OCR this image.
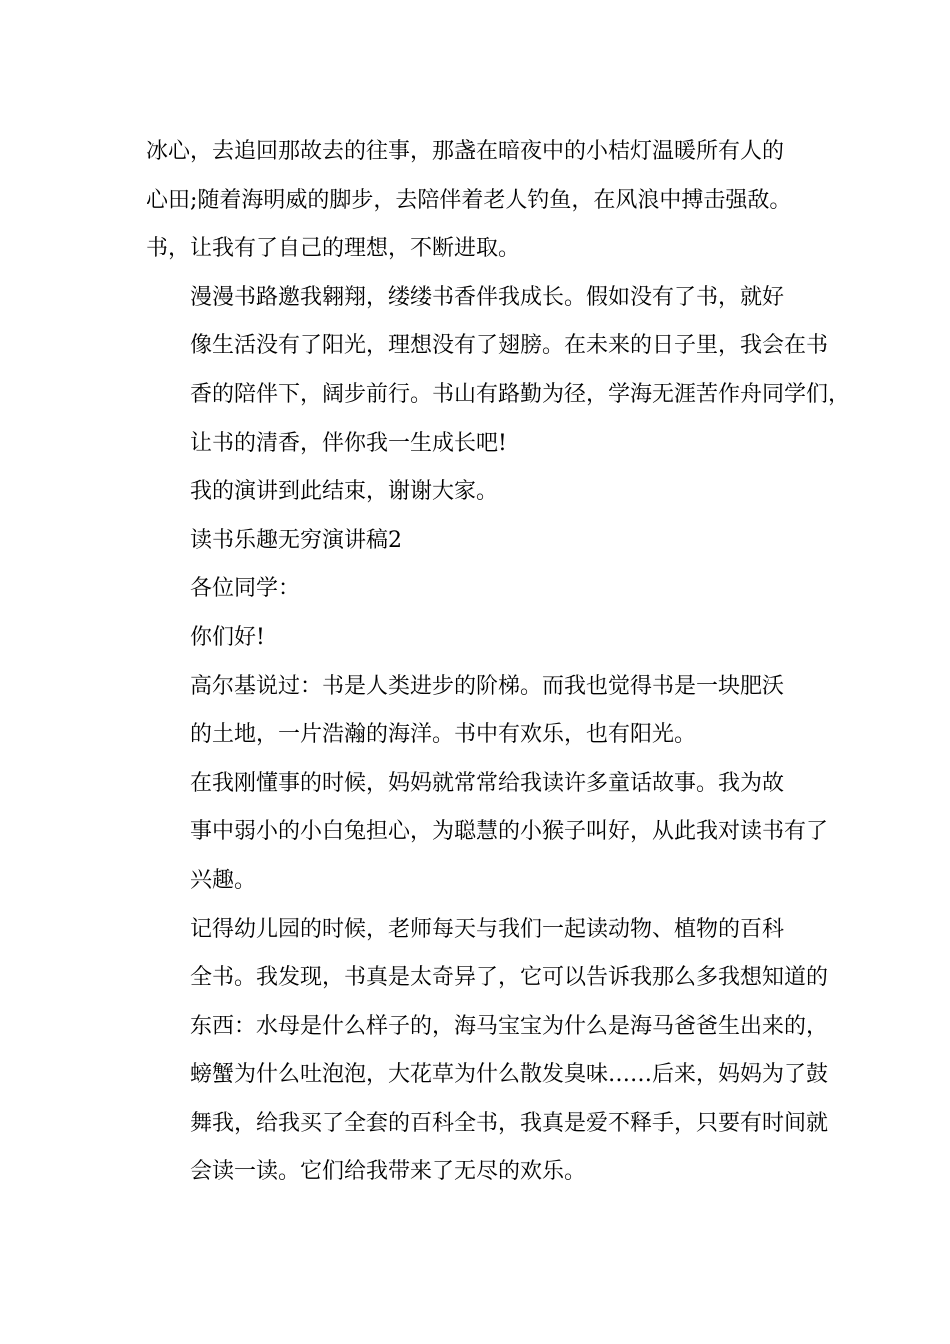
冰心，去追回那故去的往事，那盏在暗夜中的小桔灯温暖所有人的
心田;随着海明威的脚步，去陪伴着老人钓鱼，在风浪中搏击强敌。
书，让我有了自己的理想，不断进取。

漫漫书路邀我翱翔，缕缕书香伴我成长。假如没有了书，就好
像生活没有了阳光，理想没有了翅膀。在未来的日子里，我会在书
香的陪伴下，阔步前行。书山有路勤为径，学海无涯苦作舟同学们，
让书的清香，伴你我一生成长吧!

我的演讲到此结束，谢谢大家。

读书乐趣无穷演讲稿2

各位同学：

你们好!

高尔基说过：书是人类进步的阶梯。而我也觉得书是一块肥沃
的土地，一片浩瀚的海洋。书中有欢乐，也有阳光。

在我刚懂事的时候，妈妈就常常给我读许多童话故事。我为故
事中弱小的小白兔担心，为聪慧的小猴子叫好，从此我对读书有了
兴趣。

记得幼儿园的时候，老师每天与我们一起读动物、植物的百科
全书。我发现，书真是太奇异了，它可以告诉我那么多我想知道的
东西：水母是什么样子的，海马宝宝为什么是海马爸爸生出来的，
螃蟹为什么吐泡泡，大花草为什么散发臭味……后来，妈妈为了鼓
舞我，给我买了全套的百科全书，我真是爱不释手，只要有时间就
会读一读。它们给我带来了无尽的欢乐。
